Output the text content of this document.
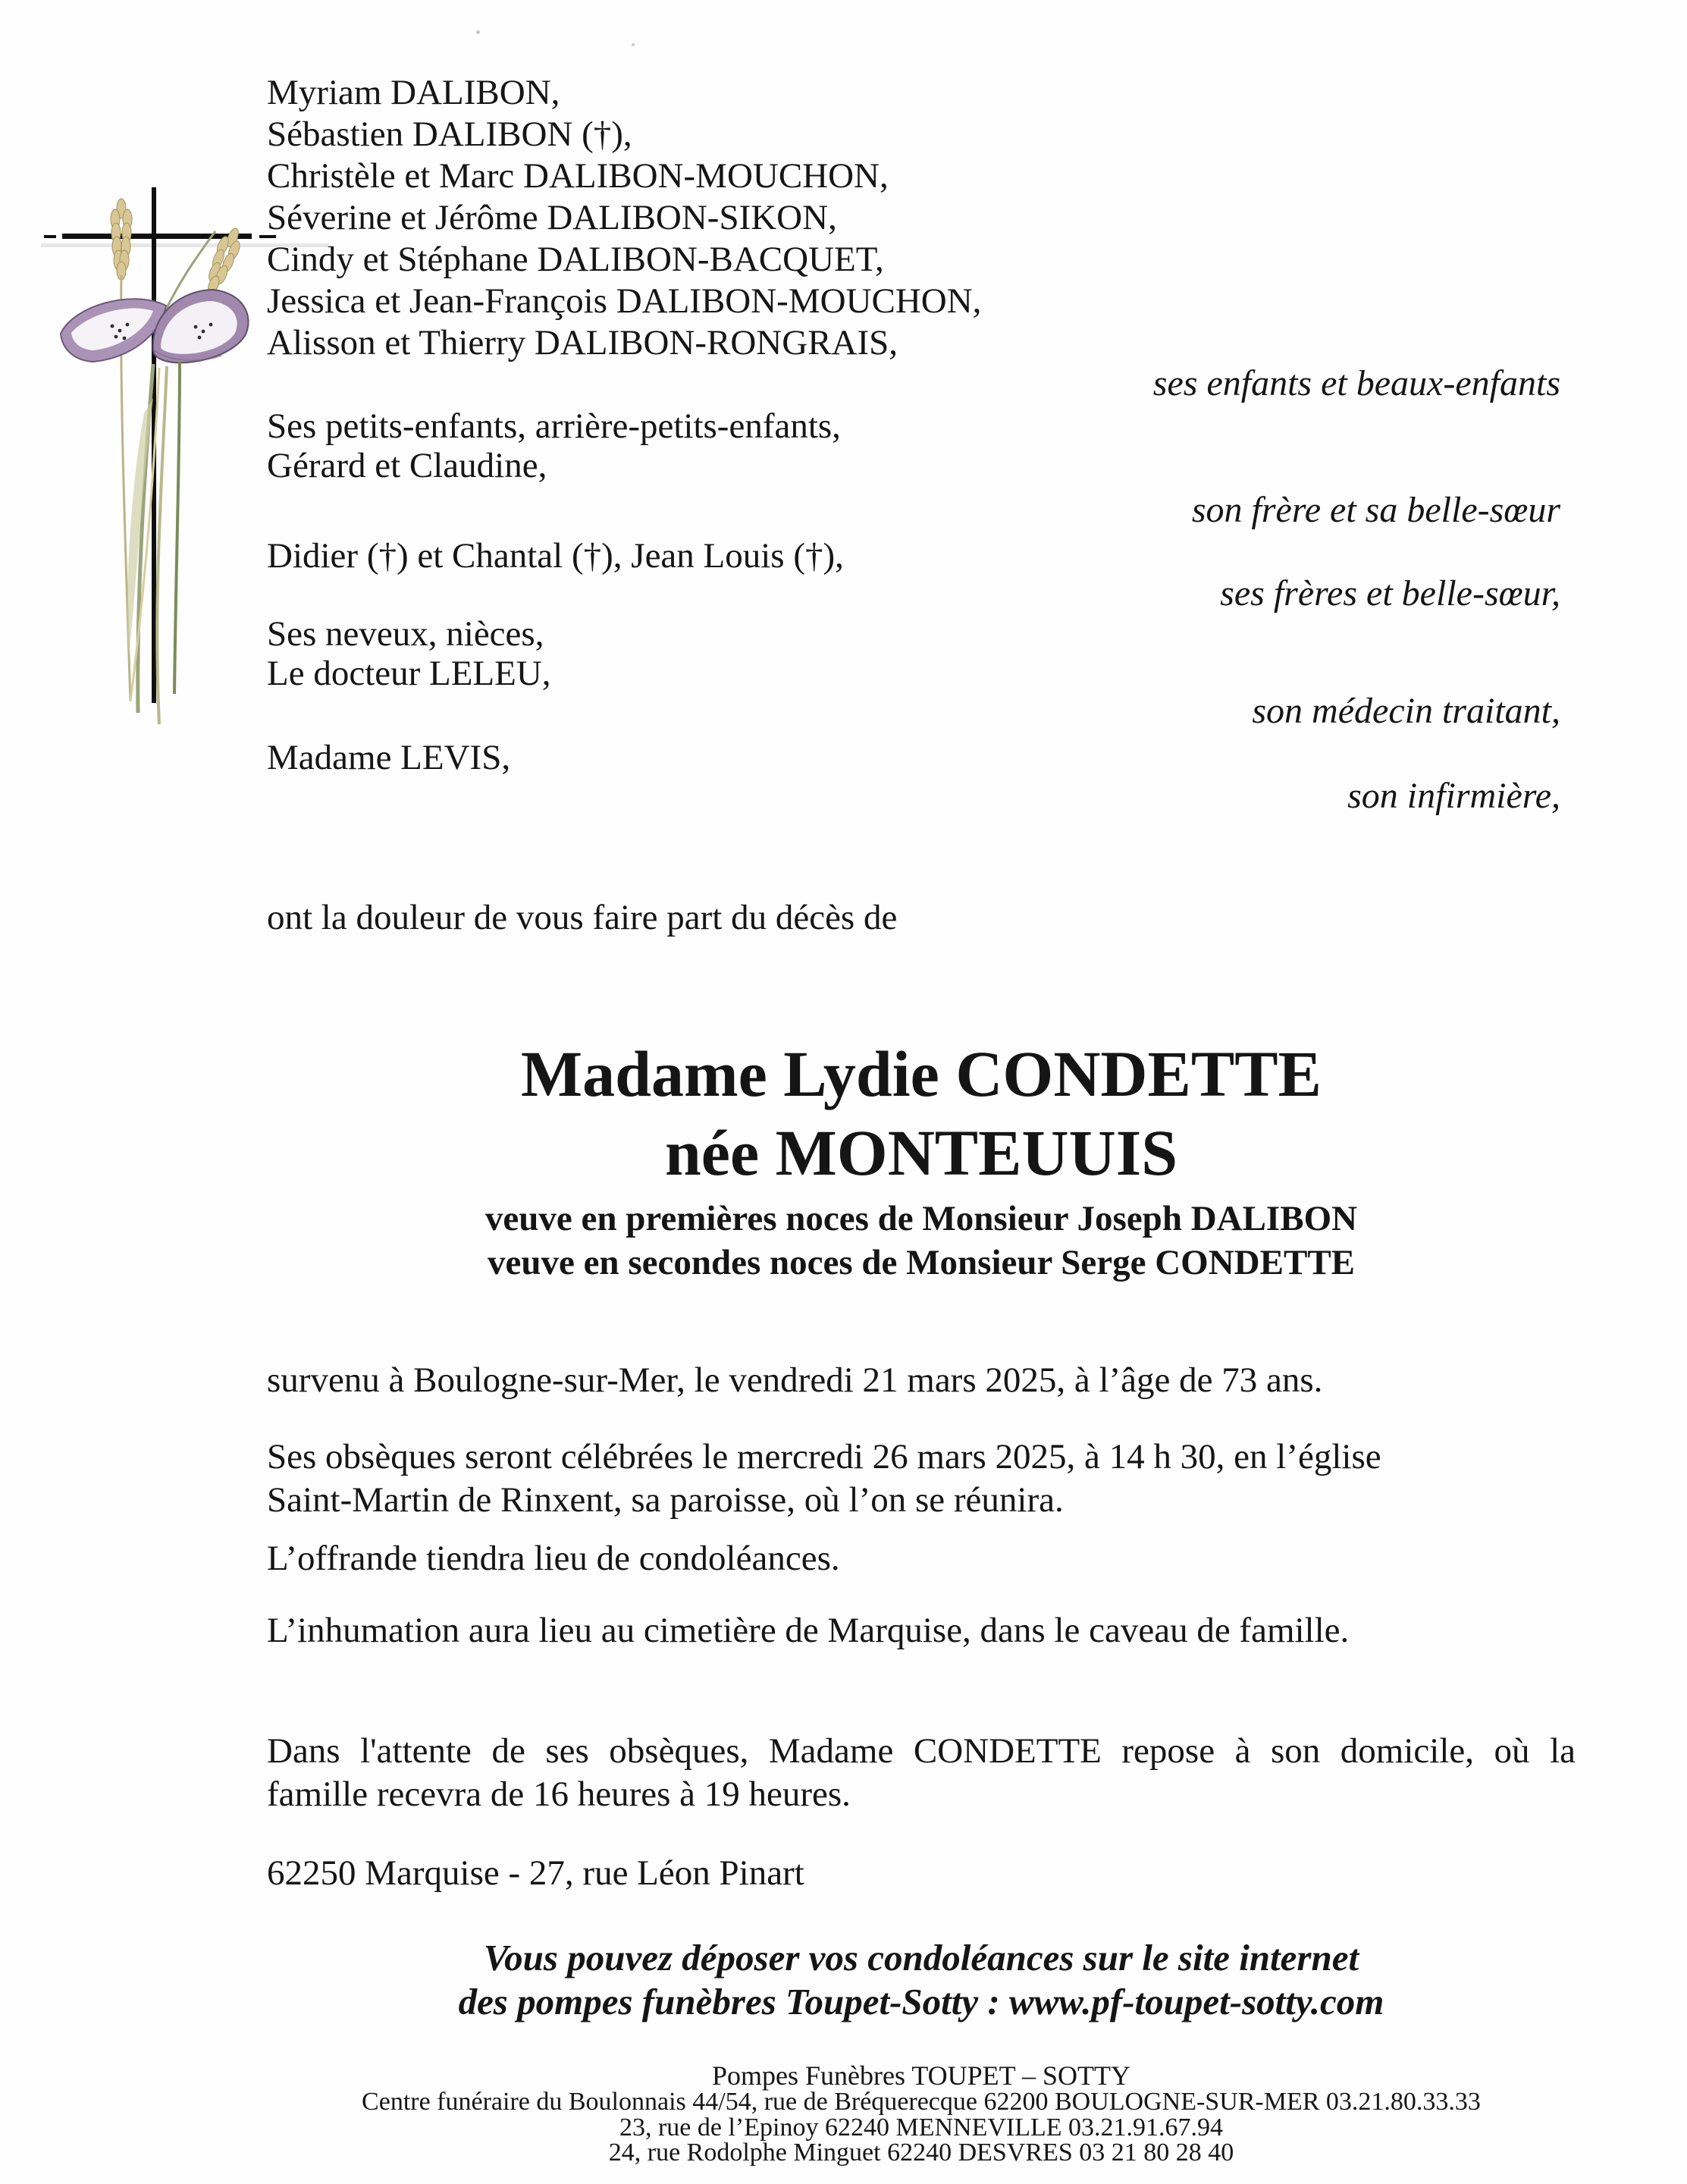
Myriam DALIBON,
Sébastien DALIBON (†),
Christèle et Marc DALIBON-MOUCHON,
Séverine et Jérôme DALIBON-SIKON,
Cindy et Stéphane DALIBON-BACQUET,
Jessica et Jean-François DALIBON-MOUCHON,
Alisson et Thierry DALIBON-RONGRAIS,
ses enfants et beaux-enfants
Ses petits-enfants, arrière-petits-enfants,
Gérard et Claudine,
son frère et sa belle-sœur
Didier (†) et Chantal (†), Jean Louis (†),
ses frères et belle-sœur,
Ses neveux, nièces,
Le docteur LELEU,
son médecin traitant,
Madame LEVIS,
son infirmière,
ont la douleur de vous faire part du décès de
Madame Lydie CONDETTE
née MONTEUUIS
veuve en premières noces de Monsieur Joseph DALIBON
veuve en secondes noces de Monsieur Serge CONDETTE
survenu à Boulogne-sur-Mer, le vendredi 21 mars 2025, à l’âge de 73 ans.
Ses obsèques seront célébrées le mercredi 26 mars 2025, à 14 h 30, en l’église
Saint-Martin de Rinxent, sa paroisse, où l’on se réunira.
L’offrande tiendra lieu de condoléances.
L’inhumation aura lieu au cimetière de Marquise, dans le caveau de famille.
Dans l'attente de ses obsèques, Madame CONDETTE repose à son domicile, où la
famille recevra de 16 heures à 19 heures.
62250 Marquise - 27, rue Léon Pinart
Vous pouvez déposer vos condoléances sur le site internet
des pompes funèbres Toupet-Sotty : www.pf-toupet-sotty.com
Pompes Funèbres TOUPET – SOTTY
Centre funéraire du Boulonnais 44/54, rue de Bréquerecque 62200 BOULOGNE-SUR-MER 03.21.80.33.33
23, rue de l’Epinoy 62240 MENNEVILLE 03.21.91.67.94
24, rue Rodolphe Minguet 62240 DESVRES 03 21 80 28 40
